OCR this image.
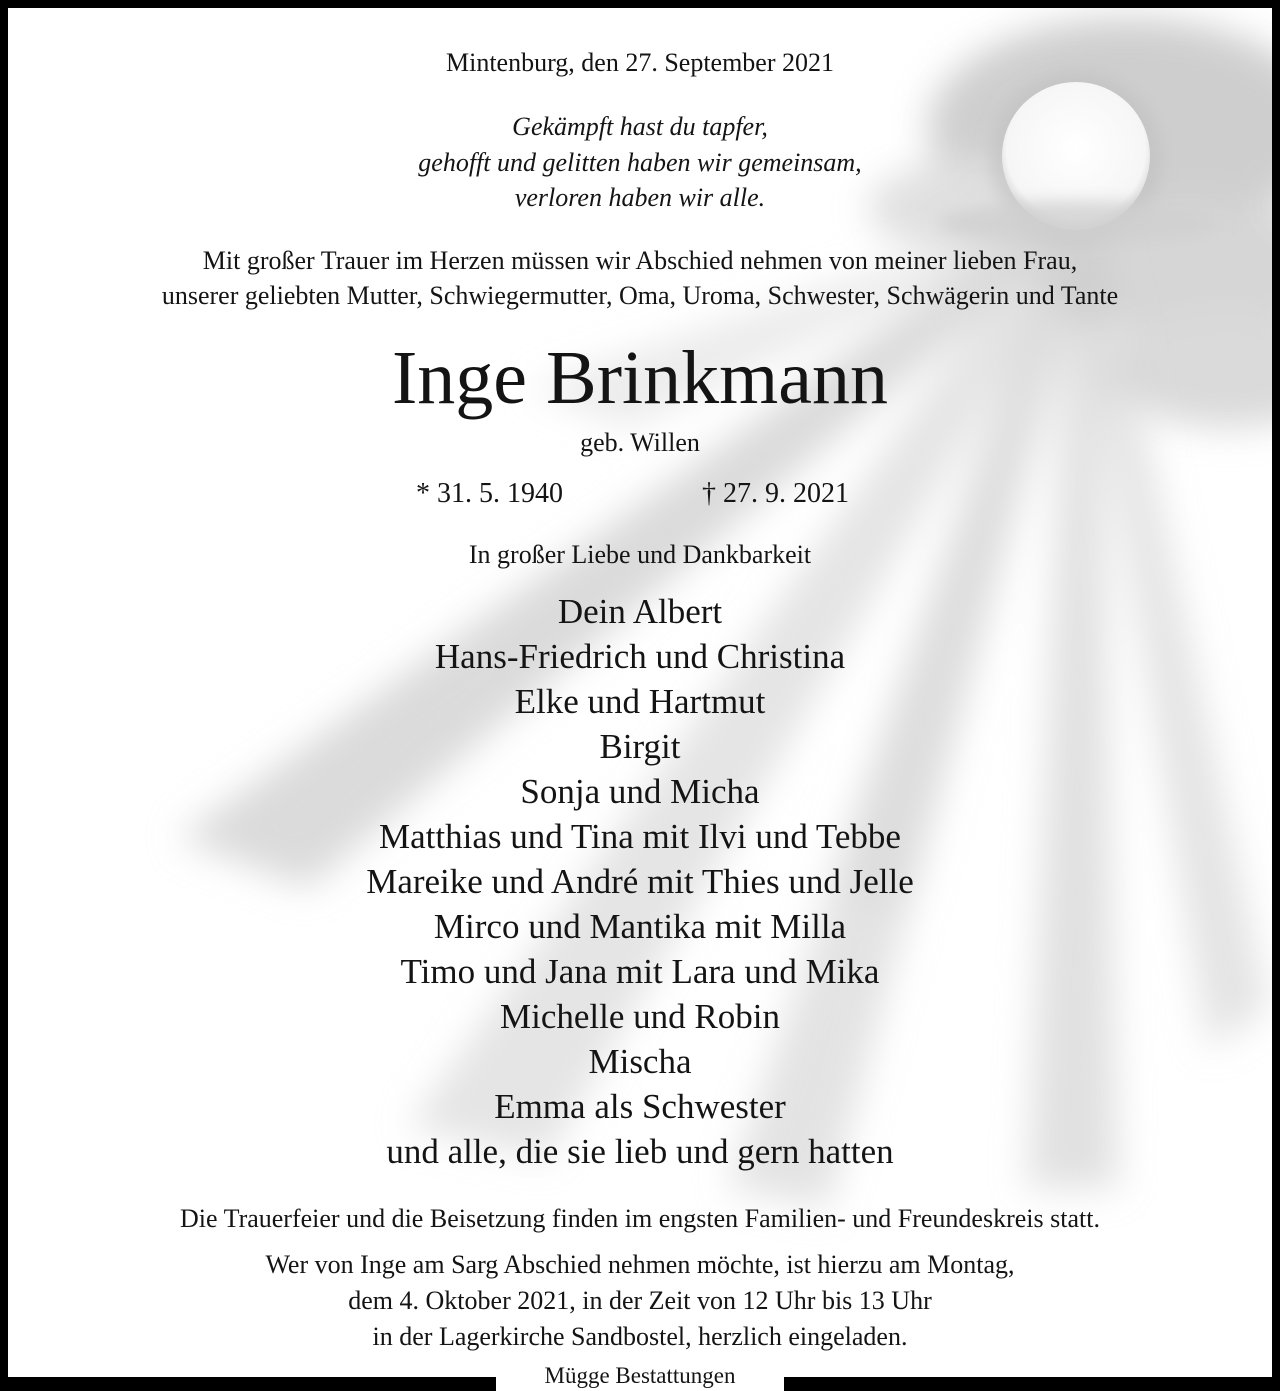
Mintenburg, den 27. September 2021
Gekämpft hast du tapfer,
gehofft und gelitten haben wir gemeinsam,
verloren haben wir alle.
Mit großer Trauer im Herzen müssen wir Abschied nehmen von meiner lieben Frau,
unserer geliebten Mutter, Schwiegermutter, Oma, Uroma, Schwester, Schwägerin und Tante
Inge Brinkmann
geb. Willen
* 31. 5. 1940	† 27. 9. 2021
In großer Liebe und Dankbarkeit
Dein Albert
Hans-Friedrich und Christina
Elke und Hartmut
Birgit
Sonja und Micha
Matthias und Tina mit Ilvi und Tebbe
Mareike und André mit Thies und Jelle
Mirco und Mantika mit Milla
Timo und Jana mit Lara und Mika
Michelle und Robin
Mischa
Emma als Schwester
und alle, die sie lieb und gern hatten
Die Trauerfeier und die Beisetzung finden im engsten Familien- und Freundeskreis statt.
Wer von Inge am Sarg Abschied nehmen möchte, ist hierzu am Montag,
dem 4. Oktober 2021, in der Zeit von 12 Uhr bis 13 Uhr
in der Lagerkirche Sandbostel, herzlich eingeladen.
Mügge Bestattungen
